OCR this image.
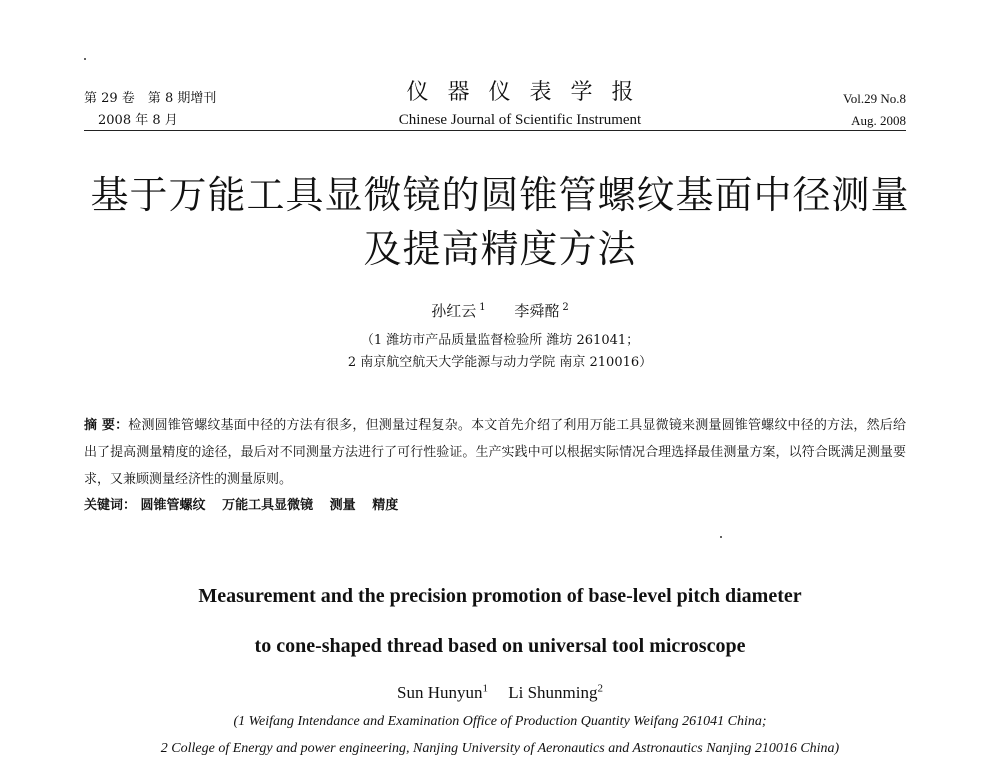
第 29 卷　第 8 期增刊
2008 年 8 月
仪器仪表学报
Chinese Journal of Scientific Instrument
Vol.29 No.8
Aug. 2008
基于万能工具显微镜的圆锥管螺纹基面中径测量
及提高精度方法
孙红云 $^1$ 李舜酩 $^2$
（1 潍坊市产品质量监督检验所 潍坊 261041；
2 南京航空航天大学能源与动力学院 南京 210016）
摘 要：检测圆锥管螺纹基面中径的方法有很多，但测量过程复杂。本文首先介绍了利用万能工具显微镜来测量圆锥管螺纹中径的方法，然后给出了提高测量精度的途径，最后对不同测量方法进行了可行性验证。生产实践中可以根据实际情况合理选择最佳测量方案，以符合既满足测量要求，又兼顾测量经济性的测量原则。
关键词： 圆锥管螺纹 万能工具显微镜 测量 精度
Measurement and the precision promotion of base-level pitch diameter
to cone-shaped thread based on universal tool microscope
Sun Hunyun$^1$ Li Shunming$^2$
(1 Weifang Intendance and Examination Office of Production Quantity Weifang 261041 China;
2 College of Energy and power engineering, Nanjing University of Aeronautics and Astronautics Nanjing 210016 China)
